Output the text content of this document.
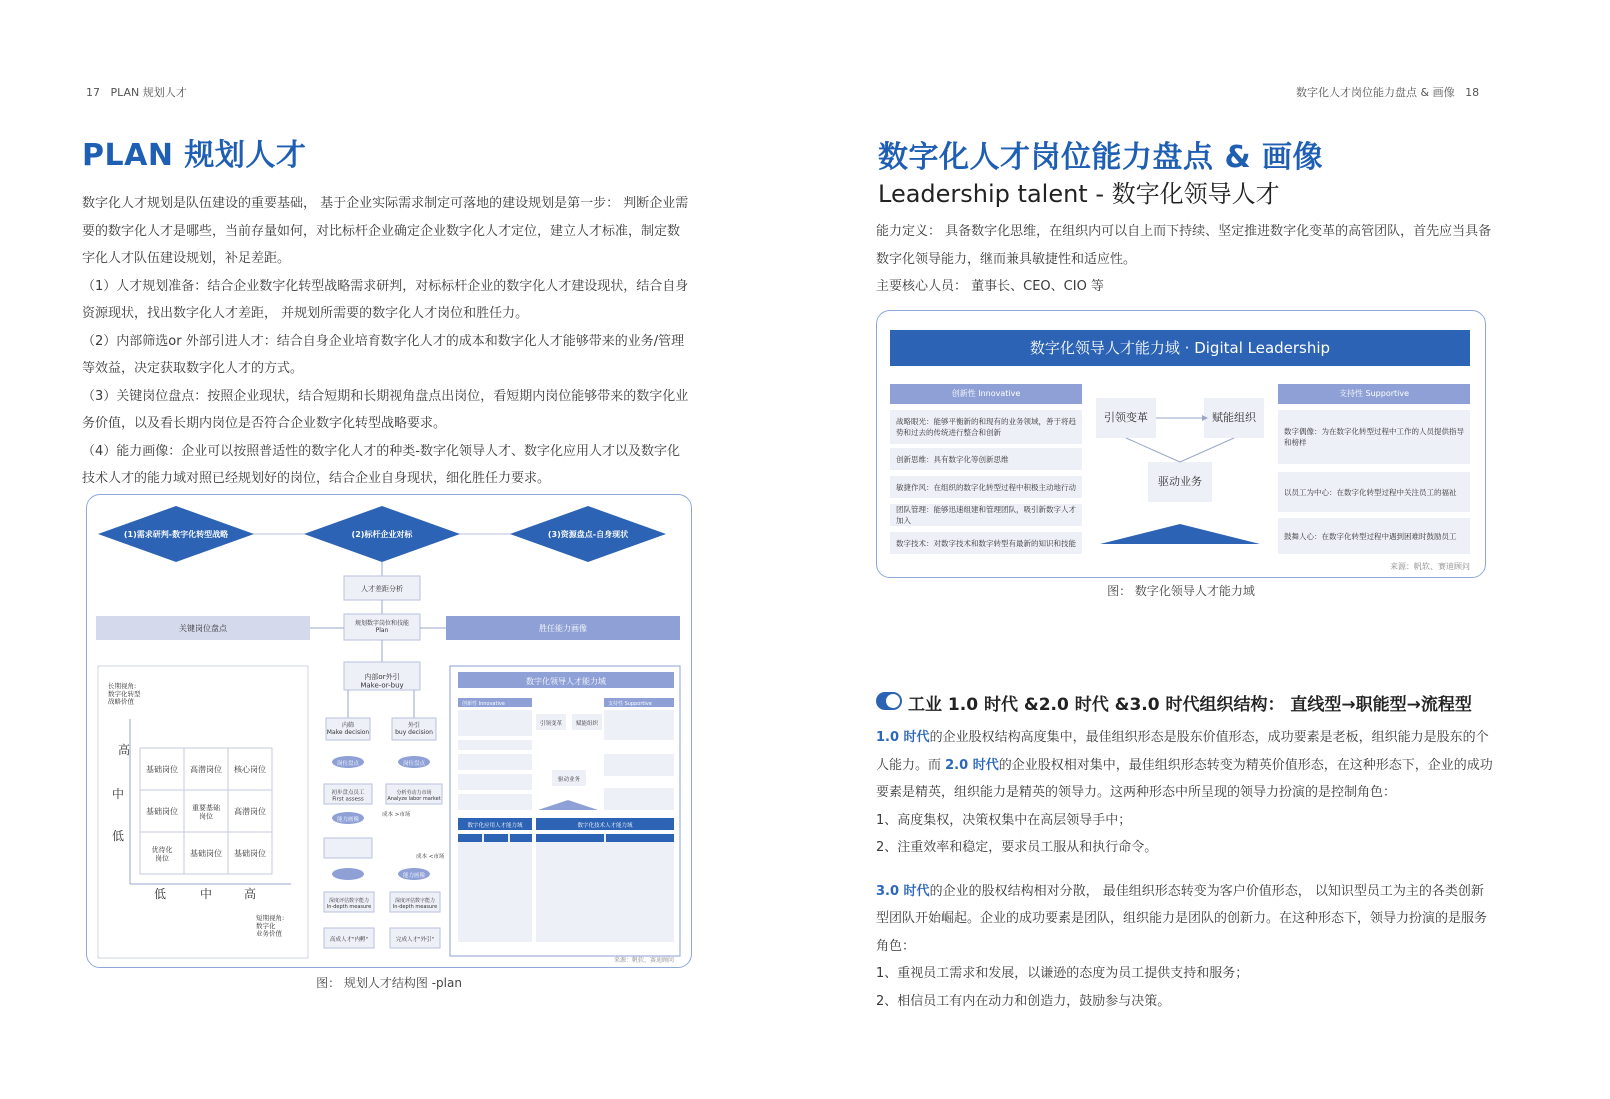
17 PLAN 规划人才
PLAN 规划人才

数字化人才规划是队伍建设的重要基础， 基于企业实际需求制定可落地的建设规划是第一步： 判断企业需要的数字化人才是哪些，当前存量如何，对比标杆企业确定企业数字化人才定位，建立人才标准，制定数字化人才队伍建设规划，补足差距。

（1）人才规划准备：结合企业数字化转型战略需求研判，对标标杆企业的数字化人才建设现状，结合自身资源现状，找出数字化人才差距， 并规划所需要的数字化人才岗位和胜任力。

（2）内部筛选or 外部引进人才：结合自身企业培育数字化人才的成本和数字化人才能够带来的业务/管理等效益，决定获取数字化人才的方式。

（3）关键岗位盘点：按照企业现状，结合短期和长期视角盘点出岗位，看短期内岗位能够带来的数字化业务价值，以及看长期内岗位是否符合企业数字化转型战略要求。

（4）能力画像：企业可以按照普适性的数字化人才的种类-数字化领导人才、数字化应用人才以及数字化技术人才的能力域对照已经规划好的岗位，结合企业自身现状，细化胜任力要求。

(1)需求研判-数字化转型战略	(2)标杆企业对标	(3)资源盘点-自身现状
人才差距分析
规划数字岗位和技能 Plan
关键岗位盘点	胜任能力画像
内部or外引 Make-or-buy
长期视角:数字化转型战略价值
高
中
低
基础岗位 高潜岗位 核心岗位
基础岗位 重要基础岗位
高潜岗位
优待化岗位
基础岗位 基础岗位
低	中	高
短期视角:数字化业务价值
内筛 Make decision
外引 buy decision
岗位盘点	岗位盘点
初步盘点员工 First assess
分析劳动力市场 Analyze labor market
能力画像
成本 >市场
成本 <市场
能力画像
深度评估数字能力 In-depth measure
深度评估数字能力 In-depth measure
高成人才"内孵"	完成人才"外引"
数字化领导人才能力域
创新性 Innovative	支持性 Supportive
引领变革	赋能组织
驱动业务
数字化应用人才能力域	数字化技术人才能力域
来源：帆软、赛迪顾问
图： 规划人才结构图 -plan
数字化人才岗位能力盘点 & 画像 18
数字化人才岗位能力盘点 & 画像
Leadership talent - 数字化领导人才

能力定义： 具备数字化思维，在组织内可以自上而下持续、坚定推进数字化变革的高管团队，首先应当具备数字化领导能力，继而兼具敏捷性和适应性。

主要核心人员： 董事长、CEO、CIO 等

数字化领导人才能力域 · Digital Leadership
创新性 Innovative
战略眼光：能够平衡新的和现有的业务领域，善于将趋势和过去的传统进行整合和创新
创新思维：具有数字化等创新思维
敏捷作风：在组织的数字化转型过程中积极主动地行动
团队管理：能够迅速组建和管理团队，吸引新数字人才加入
数字技术：对数字技术和数字转型有最新的知识和技能
引领变革	赋能组织
驱动业务
支持性 Supportive
数字偶像：为在数字化转型过程中工作的人员提供指导和榜样
以员工为中心：在数字化转型过程中关注员工的福祉
鼓舞人心：在数字化转型过程中遇到困难时鼓励员工
来源：帆软、赛迪顾问
图： 数字化领导人才能力域
工业 1.0 时代 &2.0 时代 &3.0 时代组织结构： 直线型→职能型→流程型

1.0 时代的企业股权结构高度集中，最佳组织形态是股东价值形态，成功要素是老板，组织能力是股东的个人能力。而 2.0 时代的企业股权相对集中，最佳组织形态转变为精英价值形态，在这种形态下，企业的成功要素是精英，组织能力是精英的领导力。这两种形态中所呈现的领导力扮演的是控制角色：

1、高度集权，决策权集中在高层领导手中；

2、注重效率和稳定，要求员工服从和执行命令。

3.0 时代的企业的股权结构相对分散， 最佳组织形态转变为客户价值形态， 以知识型员工为主的各类创新型团队开始崛起。企业的成功要素是团队，组织能力是团队的创新力。在这种形态下，领导力扮演的是服务角色：

1、重视员工需求和发展，以谦逊的态度为员工提供支持和服务；

2、相信员工有内在动力和创造力，鼓励参与决策。
